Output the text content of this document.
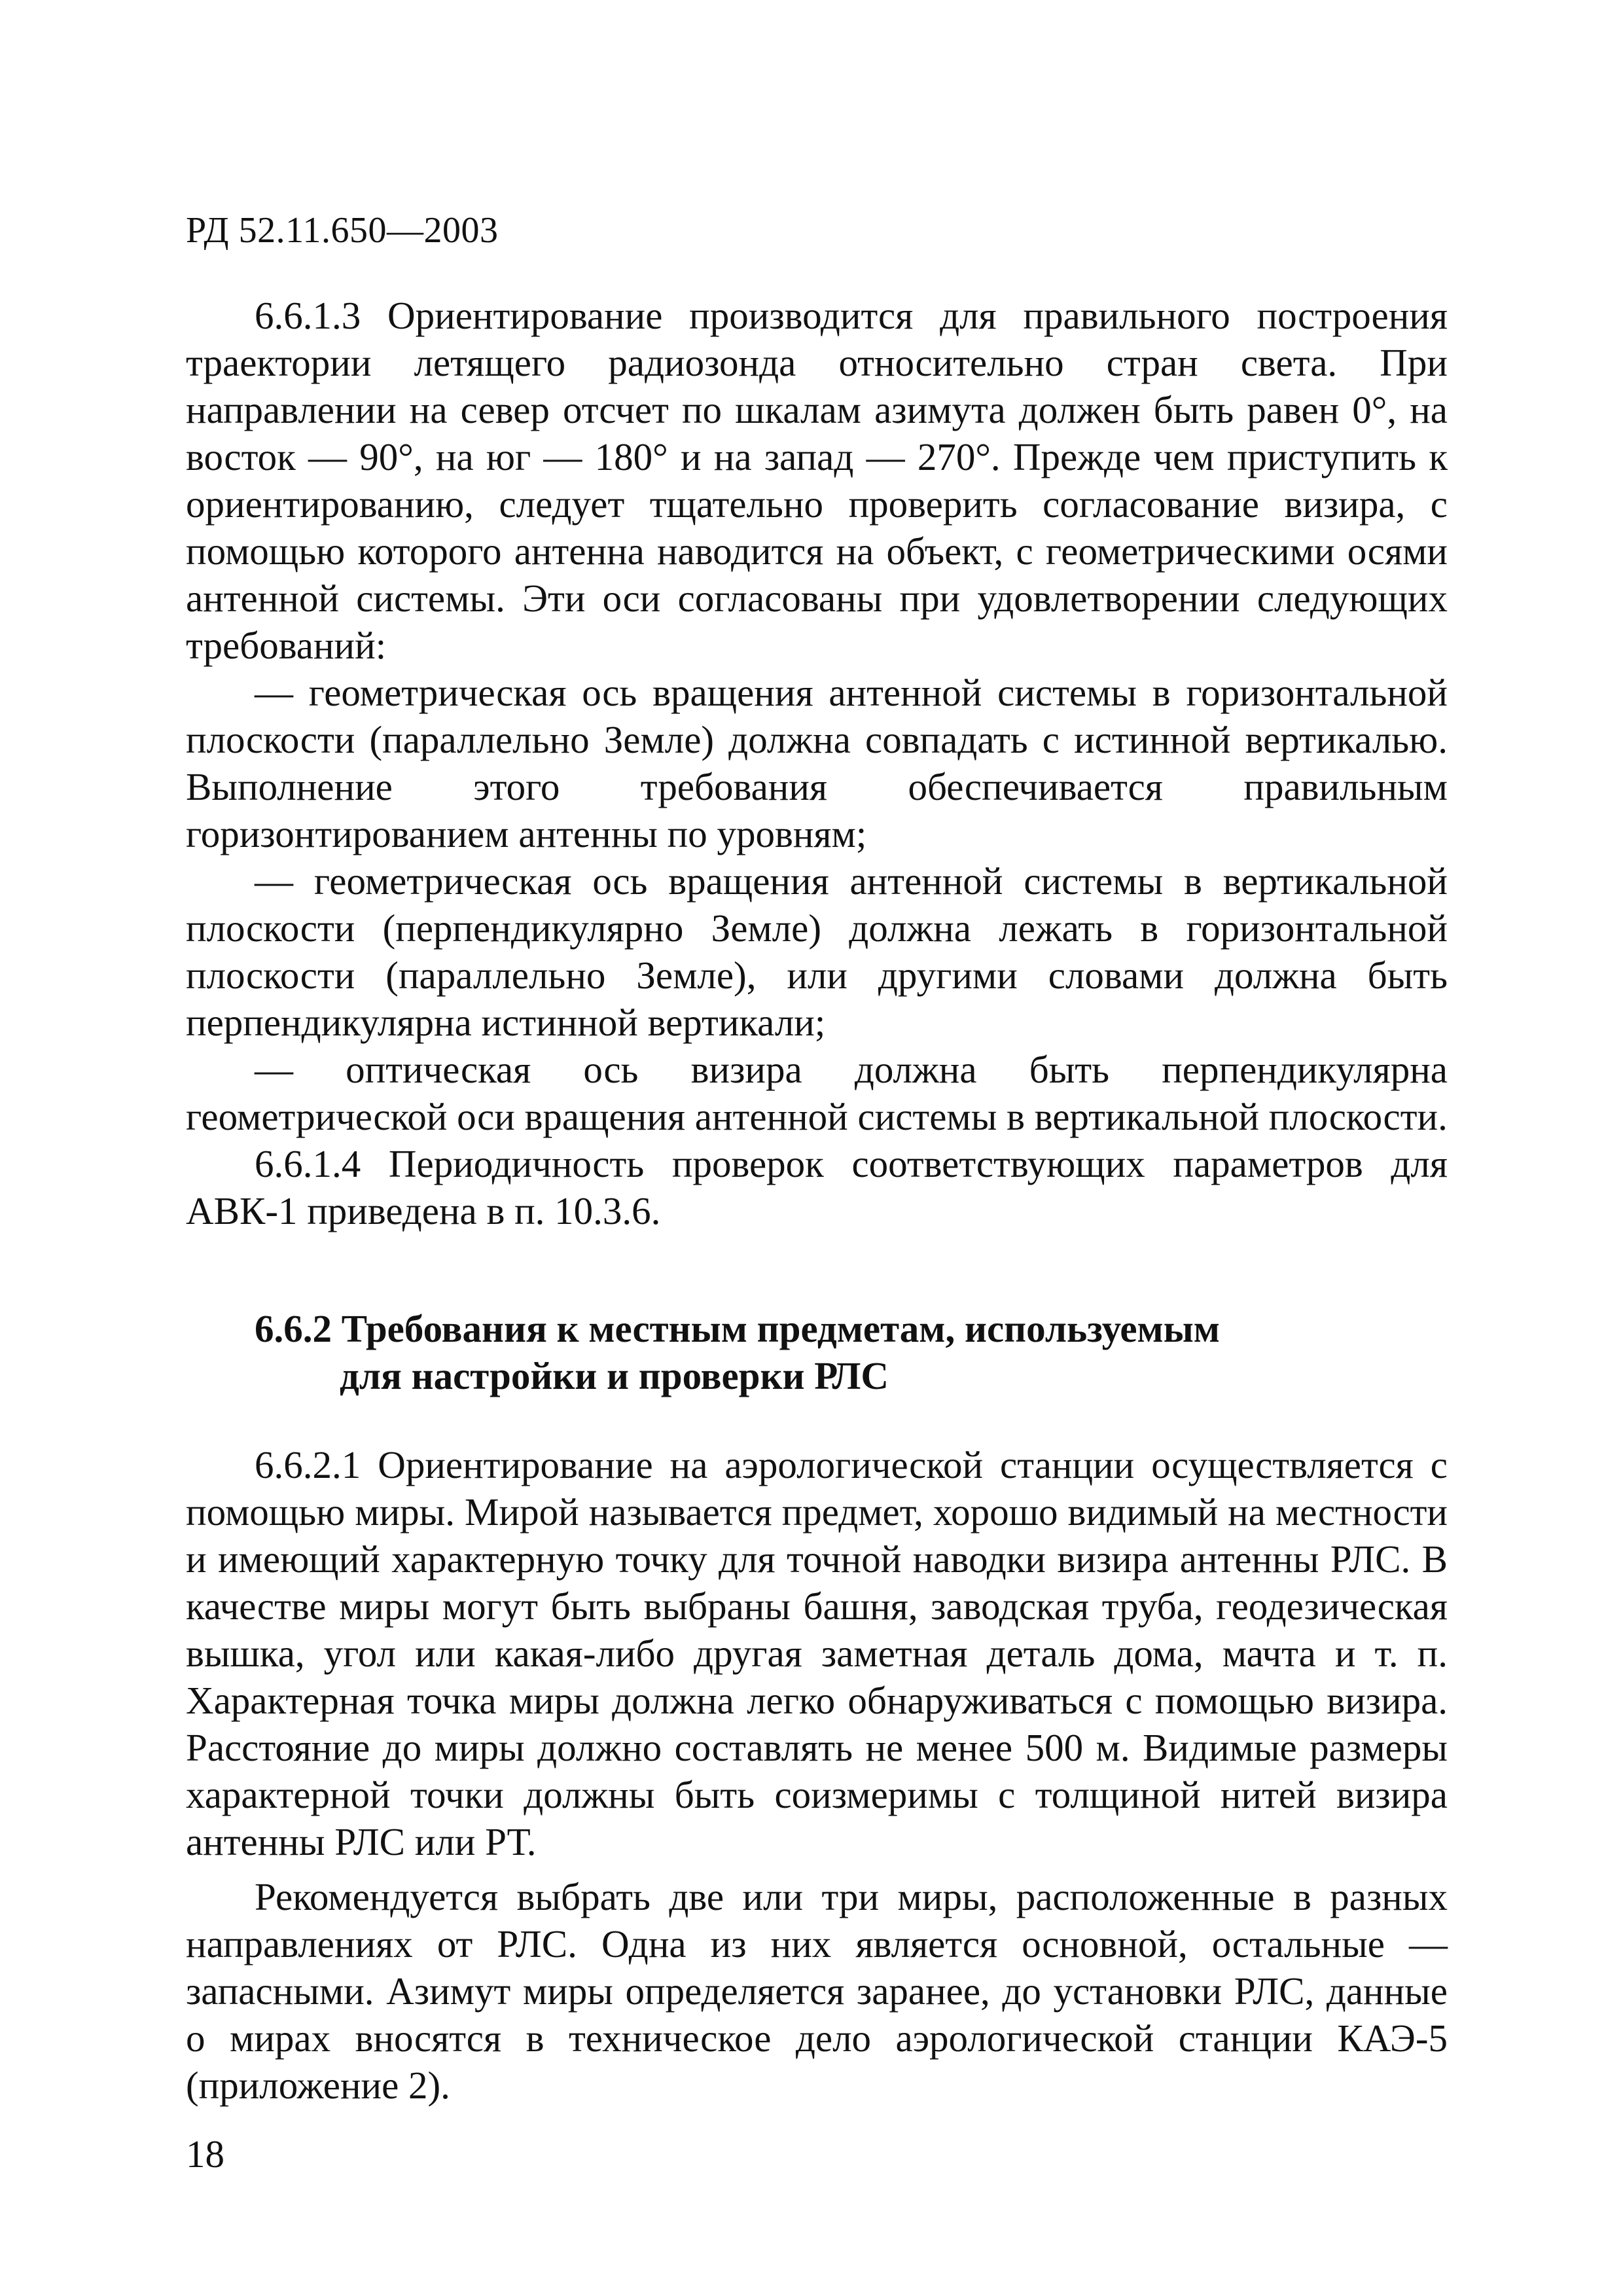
РД 52.11.650—2003

6.6.1.3 Ориентирование производится для правильного построения траектории летящего радиозонда относительно стран света. При направлении на север отсчет по шкалам азимута должен быть равен 0°, на восток — 90°, на юг — 180° и на запад — 270°. Прежде чем приступить к ориентированию, следует тщательно проверить согласование визира, с помощью которого антенна наводится на объект, с геометрическими осями антенной системы. Эти оси согласованы при удовлетворении следующих требований:

— геометрическая ось вращения антенной системы в горизонтальной плоскости (параллельно Земле) должна совпадать с истинной вертикалью. Выполнение этого требования обеспечивается правильным горизонтированием антенны по уровням;

— геометрическая ось вращения антенной системы в вертикальной плоскости (перпендикулярно Земле) должна лежать в горизонтальной плоскости (параллельно Земле), или другими словами должна быть перпендикулярна истинной вертикали;

— оптическая ось визира должна быть перпендикулярна геометрической оси вращения антенной системы в вертикальной плоскости.

6.6.1.4 Периодичность проверок соответствующих параметров для АВК-1 приведена в п. 10.3.6.

6.6.2 Требования к местным предметам, используемым
для настройки и проверки РЛС

6.6.2.1 Ориентирование на аэрологической станции осуществляется с помощью миры. Мирой называется предмет, хорошо видимый на местности и имеющий характерную точку для точной наводки визира антенны РЛС. В качестве миры могут быть выбраны башня, заводская труба, геодезическая вышка, угол или какая-либо другая заметная деталь дома, мачта и т. п. Характерная точка миры должна легко обнаруживаться с помощью визира. Расстояние до миры должно составлять не менее 500 м. Видимые размеры характерной точки должны быть соизмеримы с толщиной нитей визира антенны РЛС или РТ.

Рекомендуется выбрать две или три миры, расположенные в разных направлениях от РЛС. Одна из них является основной, остальные — запасными. Азимут миры определяется заранее, до установки РЛС, данные о мирах вносятся в техническое дело аэрологической станции КАЭ-5 (приложение 2).

18
